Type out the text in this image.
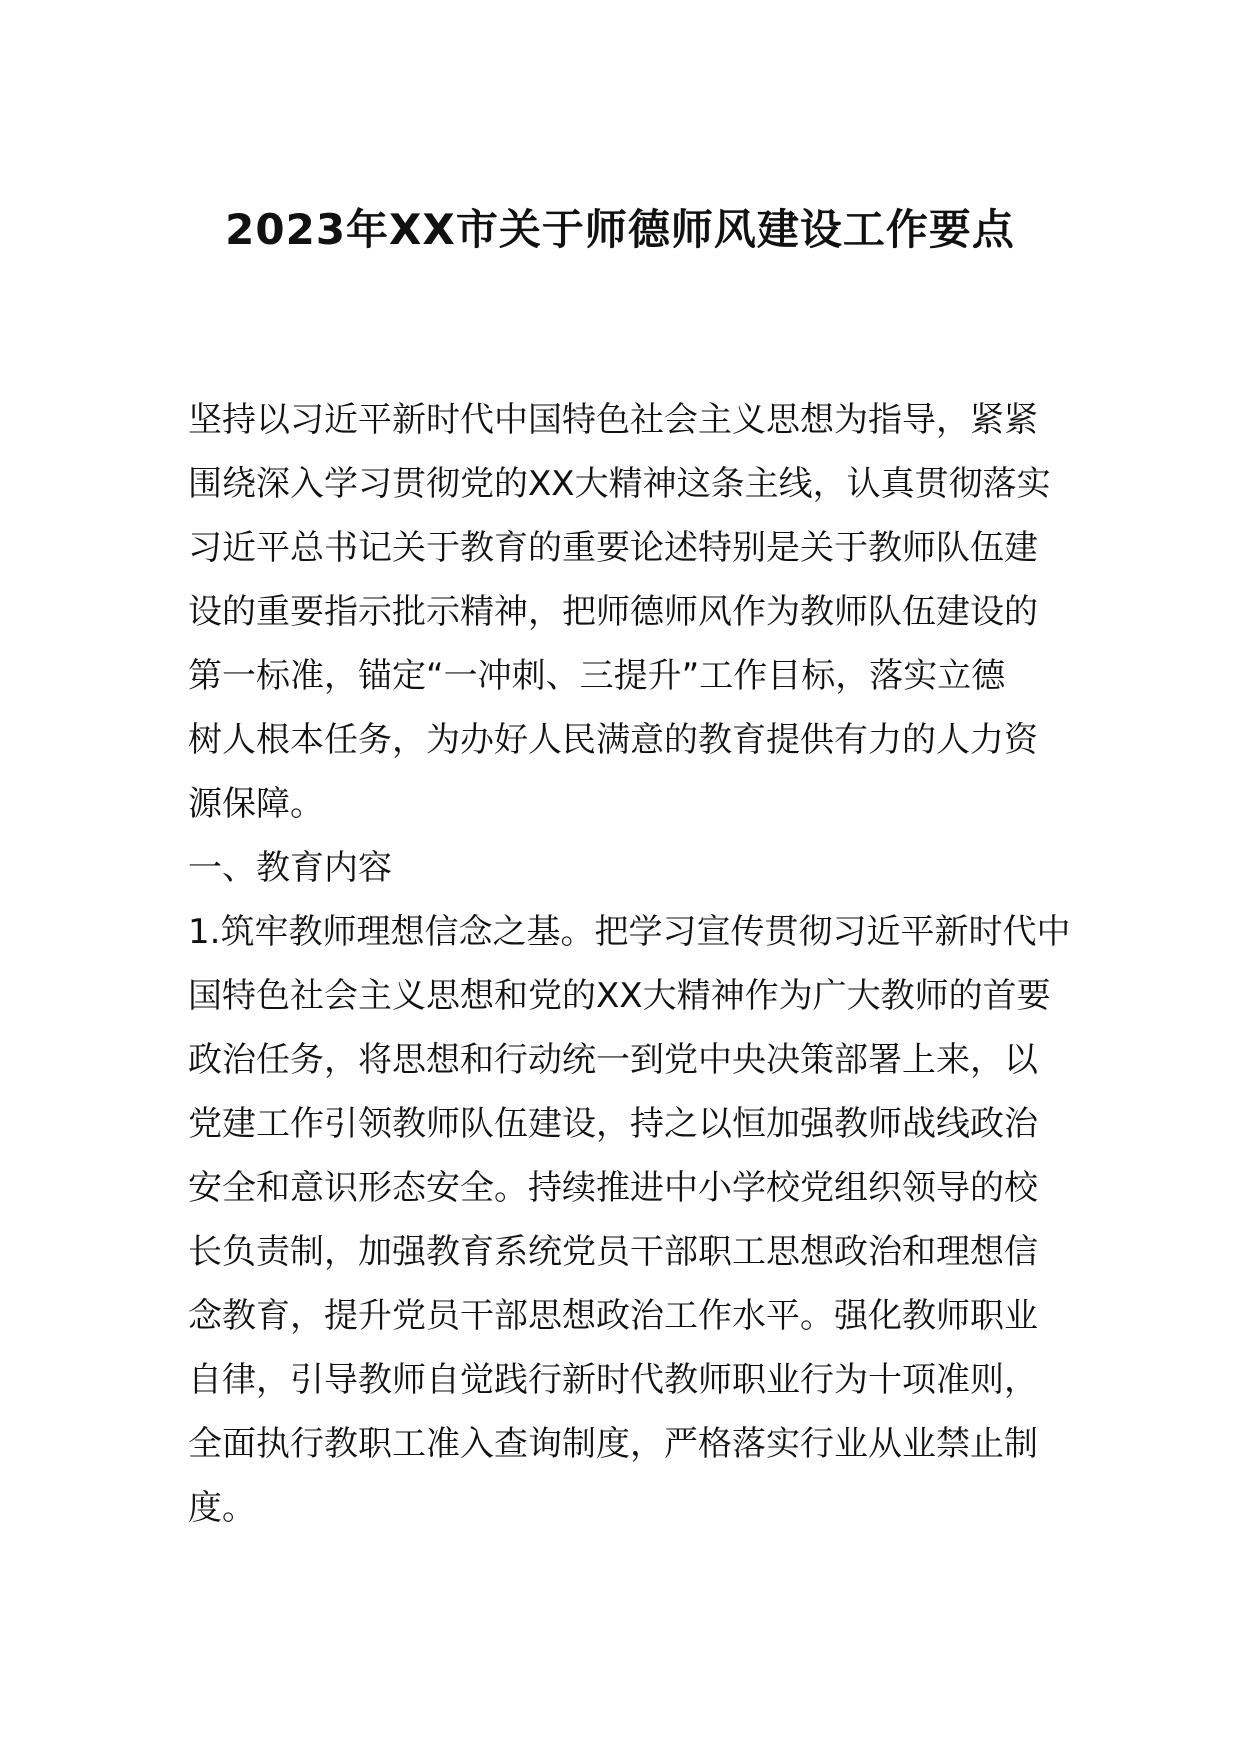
2023年XX市关于师德师风建设工作要点
坚持以习近平新时代中国特色社会主义思想为指导，紧紧
围绕深入学习贯彻党的XX大精神这条主线，认真贯彻落实
习近平总书记关于教育的重要论述特别是关于教师队伍建
设的重要指示批示精神，把师德师风作为教师队伍建设的
第一标准，锚定“一冲刺、三提升”工作目标，落实立德
树人根本任务，为办好人民满意的教育提供有力的人力资
源保障。
一、教育内容
1.筑牢教师理想信念之基。把学习宣传贯彻习近平新时代中
国特色社会主义思想和党的XX大精神作为广大教师的首要
政治任务，将思想和行动统一到党中央决策部署上来，以
党建工作引领教师队伍建设，持之以恒加强教师战线政治
安全和意识形态安全。持续推进中小学校党组织领导的校
长负责制，加强教育系统党员干部职工思想政治和理想信
念教育，提升党员干部思想政治工作水平。强化教师职业
自律，引导教师自觉践行新时代教师职业行为十项准则，
全面执行教职工准入查询制度，严格落实行业从业禁止制
度。
